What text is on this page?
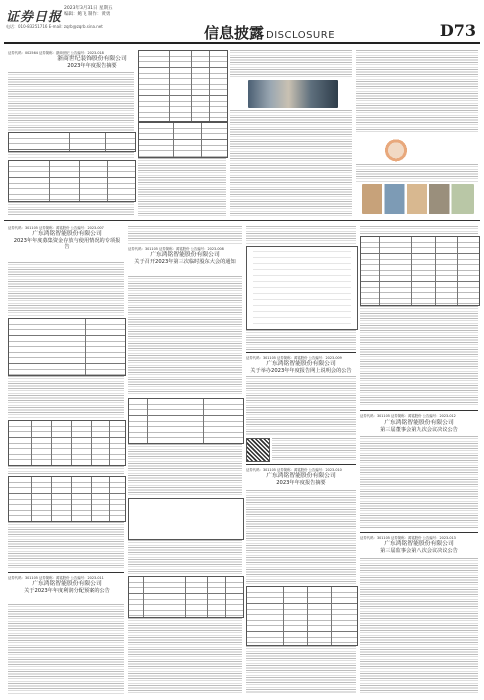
证券日报
2023年3月31日 星期五
编辑：鲍飞 制作：黄勇
电话：010-83251716 E-mail: zqrb@zqrb.sina.net	信息披露 DISCLOSURE	D73
证券代码：002564 证券简称：浙商世纪 公告编号：2023-018
浙商世纪装饰股份有限公司
2023年年度报告摘要
证券代码：301105 证券简称：鸿铭股份 公告编号：2023-007
广东鸿铭智能股份有限公司
2023年年度募集资金存放与使用情况的专项报告
证券代码：301105 证券简称：鸿铭股份 公告编号：2023-011
广东鸿铭智能股份有限公司
关于2023年年度利润分配预案的公告
证券代码：301105 证券简称：鸿铭股份 公告编号：2023-008
广东鸿铭智能股份有限公司
关于召开2023年第三次临时股东大会的通知
证券代码：301105 证券简称：鸿铭股份 公告编号：2023-009
广东鸿铭智能股份有限公司
关于举办2023年年度报告网上说明会的公告
证券代码：301105 证券简称：鸿铭股份 公告编号：2023-010
广东鸿铭智能股份有限公司
2023年年度报告摘要
证券代码：301105 证券简称：鸿铭股份 公告编号：2023-012
广东鸿铭智能股份有限公司
第三届董事会第九次会议决议公告
证券代码：301105 证券简称：鸿铭股份 公告编号：2023-013
广东鸿铭智能股份有限公司
第三届监事会第八次会议决议公告
